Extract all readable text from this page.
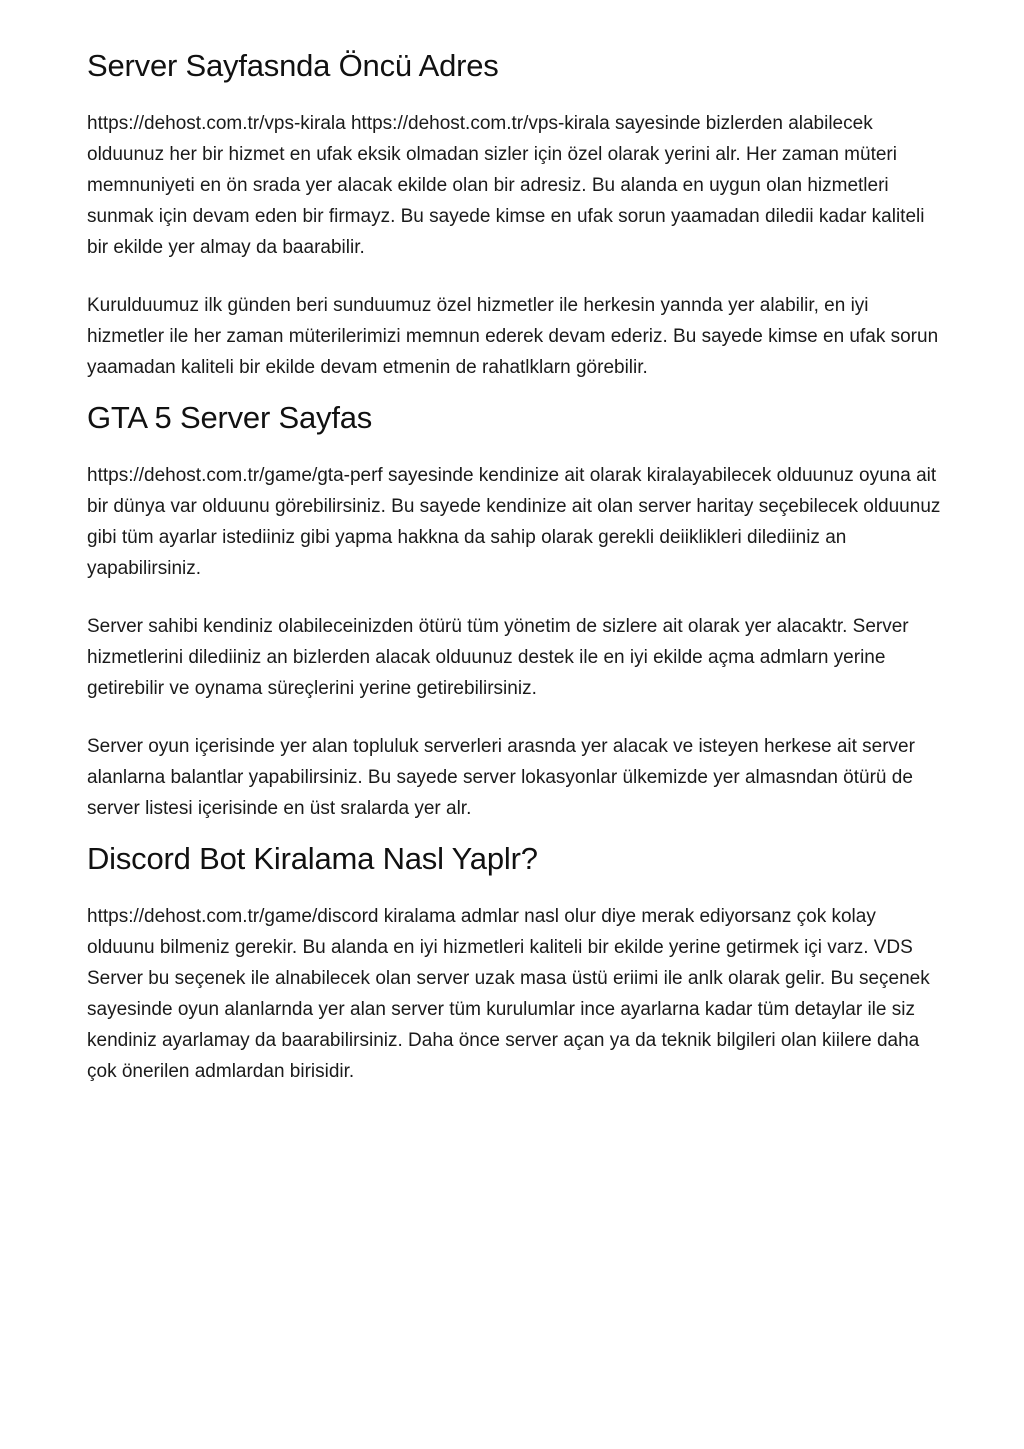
Server Sayfasnda Öncü Adres

https://dehost.com.tr/vps-kirala https://dehost.com.tr/vps-kirala sayesinde bizlerden alabilecek olduunuz her bir hizmet en ufak eksik olmadan sizler için özel olarak yerini alr. Her zaman müteri memnuniyeti en ön srada yer alacak ekilde olan bir adresiz. Bu alanda en uygun olan hizmetleri sunmak için devam eden bir firmayz. Bu sayede kimse en ufak sorun yaamadan diledii kadar kaliteli bir ekilde yer almay da baarabilir.

Kurulduumuz ilk günden beri sunduumuz özel hizmetler ile herkesin yannda yer alabilir, en iyi hizmetler ile her zaman müterilerimizi memnun ederek devam ederiz. Bu sayede kimse en ufak sorun yaamadan kaliteli bir ekilde devam etmenin de rahatlklarn görebilir.

GTA 5 Server Sayfas

https://dehost.com.tr/game/gta-perf sayesinde kendinize ait olarak kiralayabilecek olduunuz oyuna ait bir dünya var olduunu görebilirsiniz. Bu sayede kendinize ait olan server haritay seçebilecek olduunuz gibi tüm ayarlar istediiniz gibi yapma hakkna da sahip olarak gerekli deiiklikleri dilediiniz an yapabilirsiniz.

Server sahibi kendiniz olabileceinizden ötürü tüm yönetim de sizlere ait olarak yer alacaktr. Server hizmetlerini dilediiniz an bizlerden alacak olduunuz destek ile en iyi ekilde açma admlarn yerine getirebilir ve oynama süreçlerini yerine getirebilirsiniz.

Server oyun içerisinde yer alan topluluk serverleri arasnda yer alacak ve isteyen herkese ait server alanlarna balantlar yapabilirsiniz. Bu sayede server lokasyonlar ülkemizde yer almasndan ötürü de server listesi içerisinde en üst sralarda yer alr.

Discord Bot Kiralama Nasl Yaplr?

https://dehost.com.tr/game/discord kiralama admlar nasl olur diye merak ediyorsanz çok kolay olduunu bilmeniz gerekir. Bu alanda en iyi hizmetleri kaliteli bir ekilde yerine getirmek içi varz. VDS Server bu seçenek ile alnabilecek olan server uzak masa üstü eriimi ile anlk olarak gelir. Bu seçenek sayesinde oyun alanlarnda yer alan server tüm kurulumlar ince ayarlarna kadar tüm detaylar ile siz kendiniz ayarlamay da baarabilirsiniz. Daha önce server açan ya da teknik bilgileri olan kiilere daha çok önerilen admlardan birisidir.
